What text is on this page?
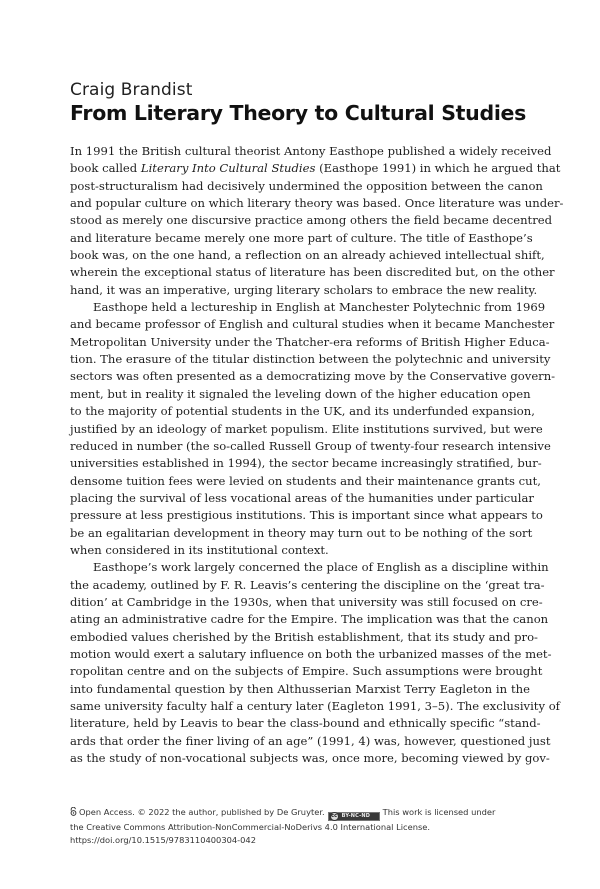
Craig Brandist
From Literary Theory to Cultural Studies
In 1991 the British cultural theorist Antony Easthope published a widely received
book called Literary Into Cultural Studies (Easthope 1991) in which he argued that
post-structuralism had decisively undermined the opposition between the canon
and popular culture on which literary theory was based. Once literature was under-
stood as merely one discursive practice among others the field became decentred
and literature became merely one more part of culture. The title of Easthope’s
book was, on the one hand, a reflection on an already achieved intellectual shift,
wherein the exceptional status of literature has been discredited but, on the other
hand, it was an imperative, urging literary scholars to embrace the new reality.
Easthope held a lectureship in English at Manchester Polytechnic from 1969
and became professor of English and cultural studies when it became Manchester
Metropolitan University under the Thatcher-era reforms of British Higher Educa-
tion. The erasure of the titular distinction between the polytechnic and university
sectors was often presented as a democratizing move by the Conservative govern-
ment, but in reality it signaled the leveling down of the higher education open
to the majority of potential students in the UK, and its underfunded expansion,
justified by an ideology of market populism. Elite institutions survived, but were
reduced in number (the so-called Russell Group of twenty-four research intensive
universities established in 1994), the sector became increasingly stratified, bur-
densome tuition fees were levied on students and their maintenance grants cut,
placing the survival of less vocational areas of the humanities under particular
pressure at less prestigious institutions. This is important since what appears to
be an egalitarian development in theory may turn out to be nothing of the sort
when considered in its institutional context.
Easthope’s work largely concerned the place of English as a discipline within
the academy, outlined by F. R. Leavis’s centering the discipline on the ‘great tra-
dition’ at Cambridge in the 1930s, when that university was still focused on cre-
ating an administrative cadre for the Empire. The implication was that the canon
embodied values cherished by the British establishment, that its study and pro-
motion would exert a salutary influence on both the urbanized masses of the met-
ropolitan centre and on the subjects of Empire. Such assumptions were brought
into fundamental question by then Althusserian Marxist Terry Eagleton in the
same university faculty half a century later (Eagleton 1991, 3–5). The exclusivity of
literature, held by Leavis to bear the class-bound and ethnically specific “stand-
ards that order the finer living of an age” (1991, 4) was, however, questioned just
as the study of non-vocational subjects was, once more, becoming viewed by gov-
Open Access. © 2022 the author, published by De Gruyter.	cc BY-NC-ND This work is licensed under
the Creative Commons Attribution-NonCommercial-NoDerivs 4.0 International License.
https://doi.org/10.1515/9783110400304-042
